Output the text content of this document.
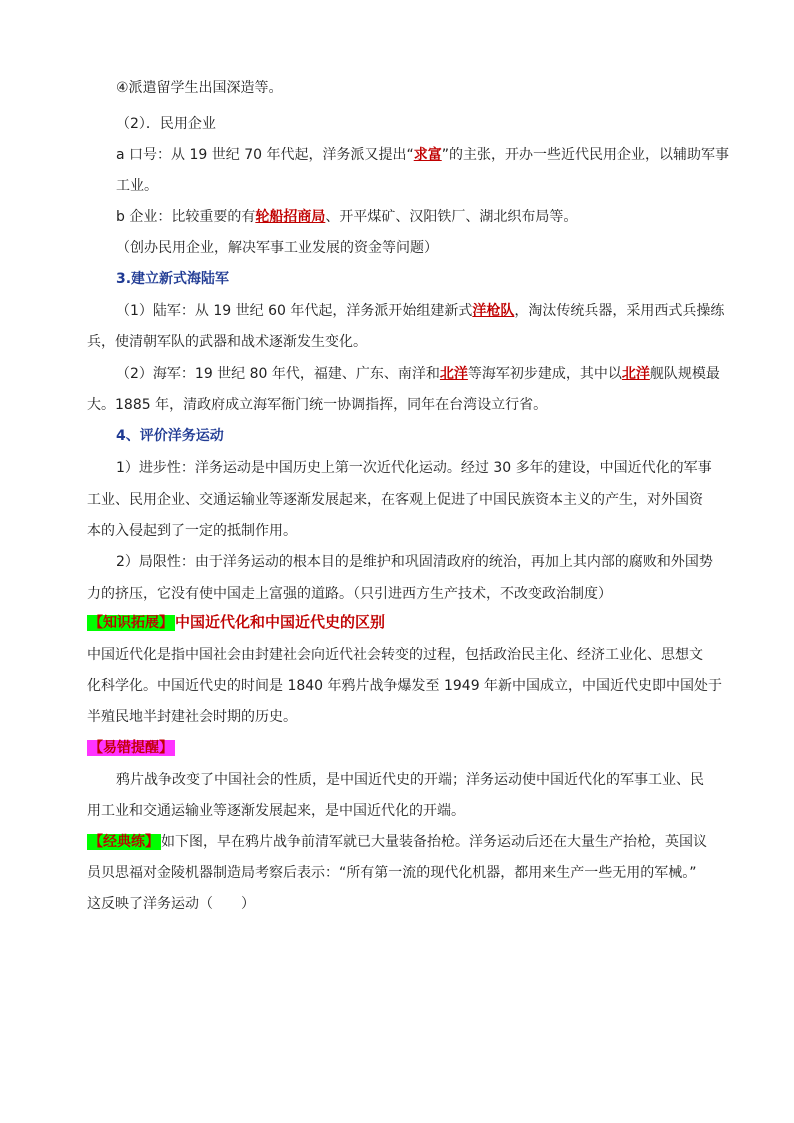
④派遣留学生出国深造等。
（2）．民用企业
a 口号：从 19 世纪 70 年代起，洋务派又提出“求富”的主张，开办一些近代民用企业，以辅助军事
工业。
b 企业：比较重要的有轮船招商局、开平煤矿、汉阳铁厂、湖北织布局等。
（创办民用企业，解决军事工业发展的资金等问题）
3.建立新式海陆军
（1）陆军：从 19 世纪 60 年代起，洋务派开始组建新式洋枪队，淘汰传统兵器，采用西式兵操练
兵，使清朝军队的武器和战术逐渐发生变化。
（2）海军：19 世纪 80 年代，福建、广东、南洋和北洋等海军初步建成，其中以北洋舰队规模最
大。1885 年，清政府成立海军衙门统一协调指挥，同年在台湾设立行省。
4、评价洋务运动
1）进步性：洋务运动是中国历史上第一次近代化运动。经过 30 多年的建设，中国近代化的军事
工业、民用企业、交通运输业等逐渐发展起来，在客观上促进了中国民族资本主义的产生，对外国资
本的入侵起到了一定的抵制作用。
2）局限性：由于洋务运动的根本目的是维护和巩固清政府的统治，再加上其内部的腐败和外国势
力的挤压，它没有使中国走上富强的道路。（只引进西方生产技术，不改变政治制度）
【知识拓展】 中国近代化和中国近代史的区别
中国近代化是指中国社会由封建社会向近代社会转变的过程，包括政治民主化、经济工业化、思想文
化科学化。中国近代史的时间是 1840 年鸦片战争爆发至 1949 年新中国成立，中国近代史即中国处于
半殖民地半封建社会时期的历史。
【易错提醒】
鸦片战争改变了中国社会的性质，是中国近代史的开端；洋务运动使中国近代化的军事工业、民
用工业和交通运输业等逐渐发展起来，是中国近代化的开端。
【经典练】 如下图，早在鸦片战争前清军就已大量装备抬枪。洋务运动后还在大量生产抬枪，英国议
员贝思福对金陵机器制造局考察后表示：“所有第一流的现代化机器，都用来生产一些无用的军械。”
这反映了洋务运动（　　）
